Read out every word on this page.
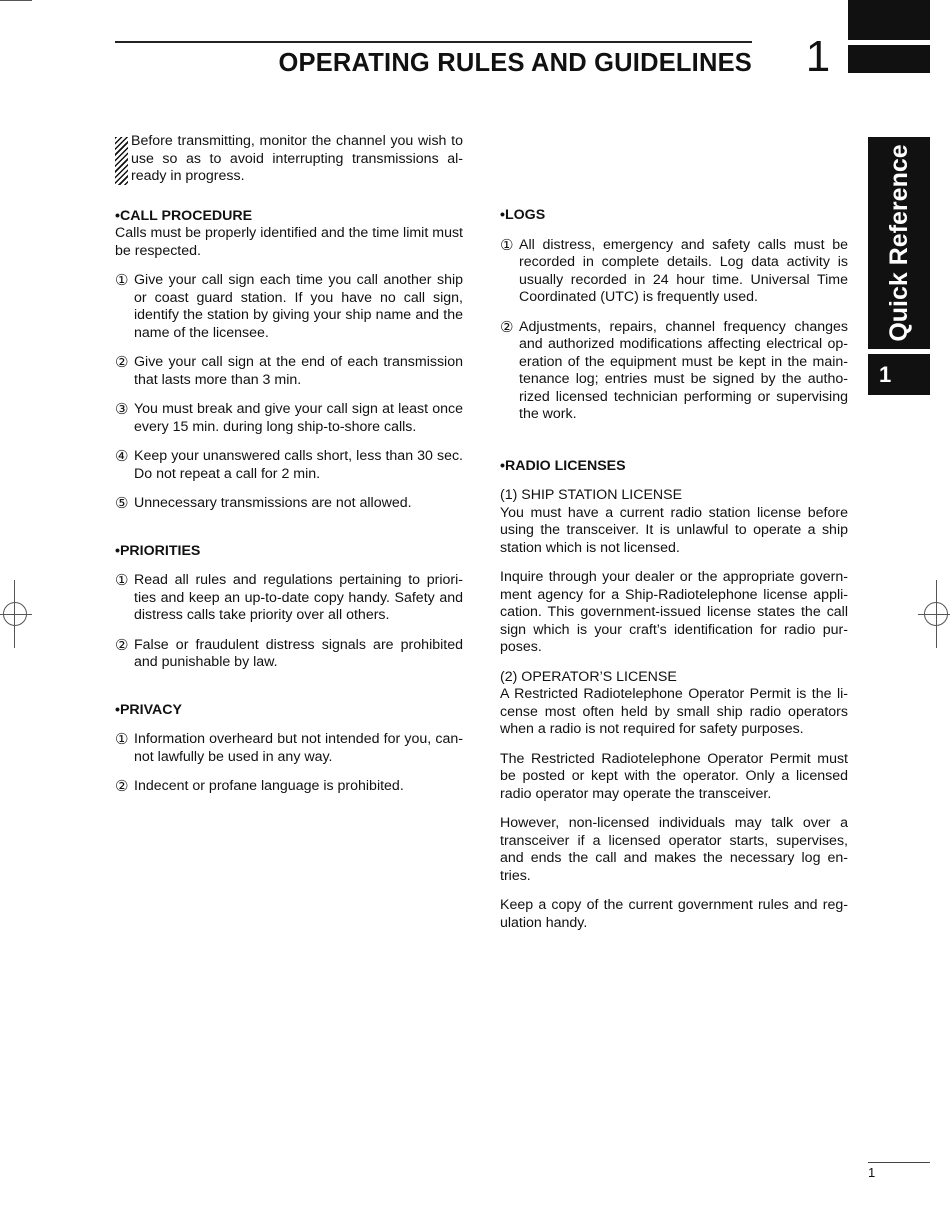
OPERATING RULES AND GUIDELINES	1
Quick Reference
1

Before transmitting, monitor the channel you wish to use so as to avoid interrupting transmissions al-ready in progress.

•CALL PROCEDURE

Calls must be properly identified and the time limit must be respected.

① Give your call sign each time you call another ship or coast guard station. If you have no call sign, identify the station by giving your ship name and the name of the licensee.
② Give your call sign at the end of each transmission that lasts more than 3 min.
③ You must break and give your call sign at least once every 15 min. during long ship-to-shore calls.
④ Keep your unanswered calls short, less than 30 sec. Do not repeat a call for 2 min.
⑤ Unnecessary transmissions are not allowed.
•PRIORITIES
① Read all rules and regulations pertaining to priori-ties and keep an up-to-date copy handy. Safety and distress calls take priority over all others.
② False or fraudulent distress signals are prohibited and punishable by law.
•PRIVACY
① Information overheard but not intended for you, can-not lawfully be used in any way.
② Indecent or profane language is prohibited.
•LOGS
① All distress, emergency and safety calls must be recorded in complete details. Log data activity is usually recorded in 24 hour time. Universal Time Coordinated (UTC) is frequently used.
② Adjustments, repairs, channel frequency changes and authorized modifications affecting electrical op-eration of the equipment must be kept in the main-tenance log; entries must be signed by the autho-rized licensed technician performing or supervising the work.
•RADIO LICENSES
(1) SHIP STATION LICENSE

You must have a current radio station license before using the transceiver. It is unlawful to operate a ship station which is not licensed.

Inquire through your dealer or the appropriate govern-ment agency for a Ship-Radiotelephone license appli-cation. This government-issued license states the call sign which is your craft’s identification for radio pur-poses.

(2) OPERATOR’S LICENSE

A Restricted Radiotelephone Operator Permit is the li-cense most often held by small ship radio operators when a radio is not required for safety purposes.

The Restricted Radiotelephone Operator Permit must be posted or kept with the operator. Only a licensed radio operator may operate the transceiver.

However, non-licensed individuals may talk over a transceiver if a licensed operator starts, supervises, and ends the call and makes the necessary log en-tries.

Keep a copy of the current government rules and reg-ulation handy.

1
